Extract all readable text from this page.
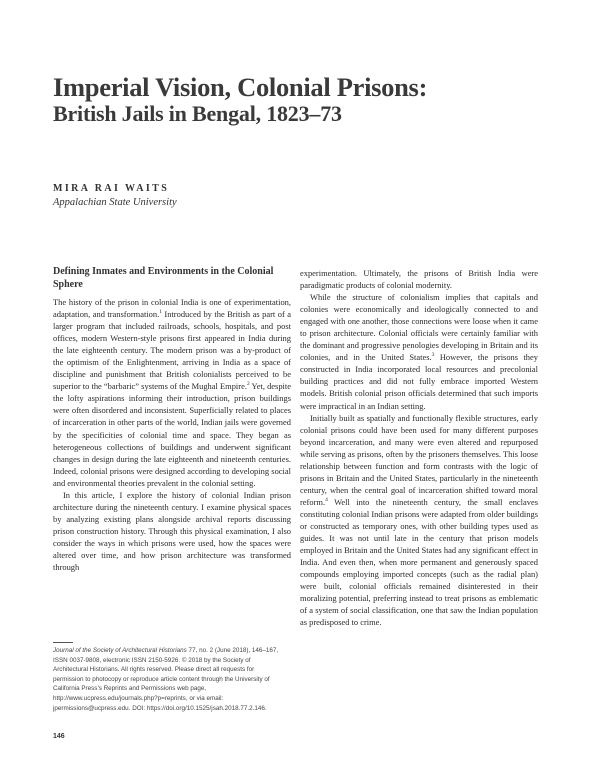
Imperial Vision, Colonial Prisons:
British Jails in Bengal, 1823–73
MIRA RAI WAITS
Appalachian State University
Defining Inmates and Environments in the Colonial Sphere

The history of the prison in colonial India is one of experimentation, adaptation, and transformation.$^1$ Introduced by the British as part of a larger program that included railroads, schools, hospitals, and post offices, modern Western-style prisons first appeared in India during the late eighteenth century. The modern prison was a by-product of the optimism of the Enlightenment, arriving in India as a space of discipline and punishment that British colonialists perceived to be superior to the “barbaric” systems of the Mughal Empire.$^2$ Yet, despite the lofty aspirations informing their introduction, prison buildings were often disordered and inconsistent. Superficially related to places of incarceration in other parts of the world, Indian jails were governed by the specificities of colonial time and space. They began as heterogeneous collections of buildings and underwent significant changes in design during the late eighteenth and nineteenth centuries. Indeed, colonial prisons were designed according to developing social and environmental theories prevalent in the colonial setting.

In this article, I explore the history of colonial Indian prison architecture during the nineteenth century. I examine physical spaces by analyzing existing plans alongside archival reports discussing prison construction history. Through this physical examination, I also consider the ways in which prisons were used, how the spaces were altered over time, and how prison architecture was transformed through

experimentation. Ultimately, the prisons of British India were paradigmatic products of colonial modernity.

While the structure of colonialism implies that capitals and colonies were economically and ideologically connected to and engaged with one another, those connections were loose when it came to prison architecture. Colonial officials were certainly familiar with the dominant and progressive penologies developing in Britain and its colonies, and in the United States.$^3$ However, the prisons they constructed in India incorporated local resources and precolonial building practices and did not fully embrace imported Western models. British colonial prison officials determined that such imports were impractical in an Indian setting.

Initially built as spatially and functionally flexible structures, early colonial prisons could have been used for many different purposes beyond incarceration, and many were even altered and repurposed while serving as prisons, often by the prisoners themselves. This loose relationship between function and form contrasts with the logic of prisons in Britain and the United States, particularly in the nineteenth century, when the central goal of incarceration shifted toward moral reform.$^4$ Well into the nineteenth century, the small enclaves constituting colonial Indian prisons were adapted from older buildings or constructed as temporary ones, with other building types used as guides. It was not until late in the century that prison models employed in Britain and the United States had any significant effect in India. And even then, when more permanent and generously spaced compounds employing imported concepts (such as the radial plan) were built, colonial officials remained disinterested in their moralizing potential, preferring instead to treat prisons as emblematic of a system of social classification, one that saw the Indian population as predisposed to crime.

Journal of the Society of Architectural Historians 77, no. 2 (June 2018), 146–167, ISSN 0037-9808, electronic ISSN 2150-5926. © 2018 by the Society of Architectural Historians. All rights reserved. Please direct all requests for permission to photocopy or reproduce article content through the University of California Press’s Reprints and Permissions web page, http://www.ucpress.edu/journals.php?p=reprints, or via email: jpermissions@ucpress.edu. DOI: https://doi.org/10.1525/jsah.2018.77.2.146.
146
